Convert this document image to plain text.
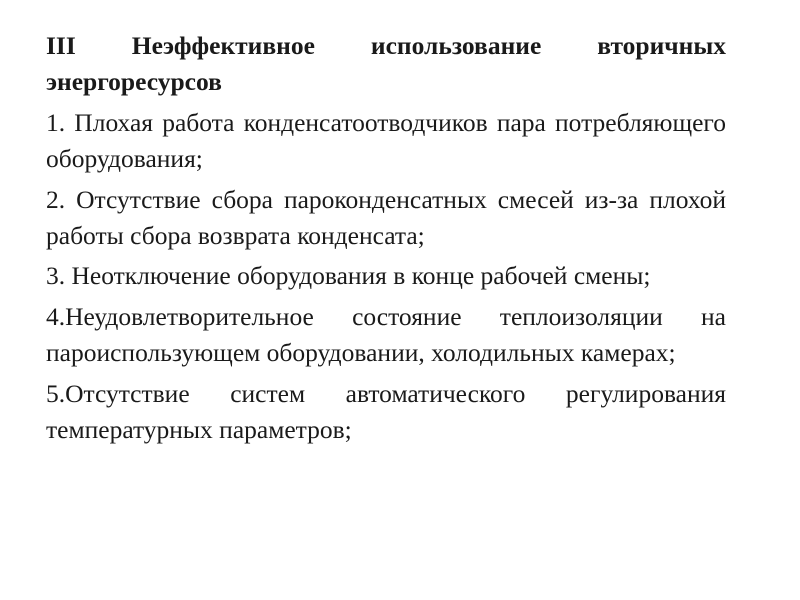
III Неэффективное использование вторичных энергоресурсов
1. Плохая работа конденсатоотводчиков пара потребляющего оборудования;
2. Отсутствие сбора пароконденсатных смесей из-за плохой работы сбора возврата конденсата;
3. Неотключение оборудования в конце рабочей смены;
4.Неудовлетворительное состояние теплоизоляции на пароиспользующем оборудовании, холодильных камерах;
5.Отсутствие систем автоматического регулирования температурных параметров;
